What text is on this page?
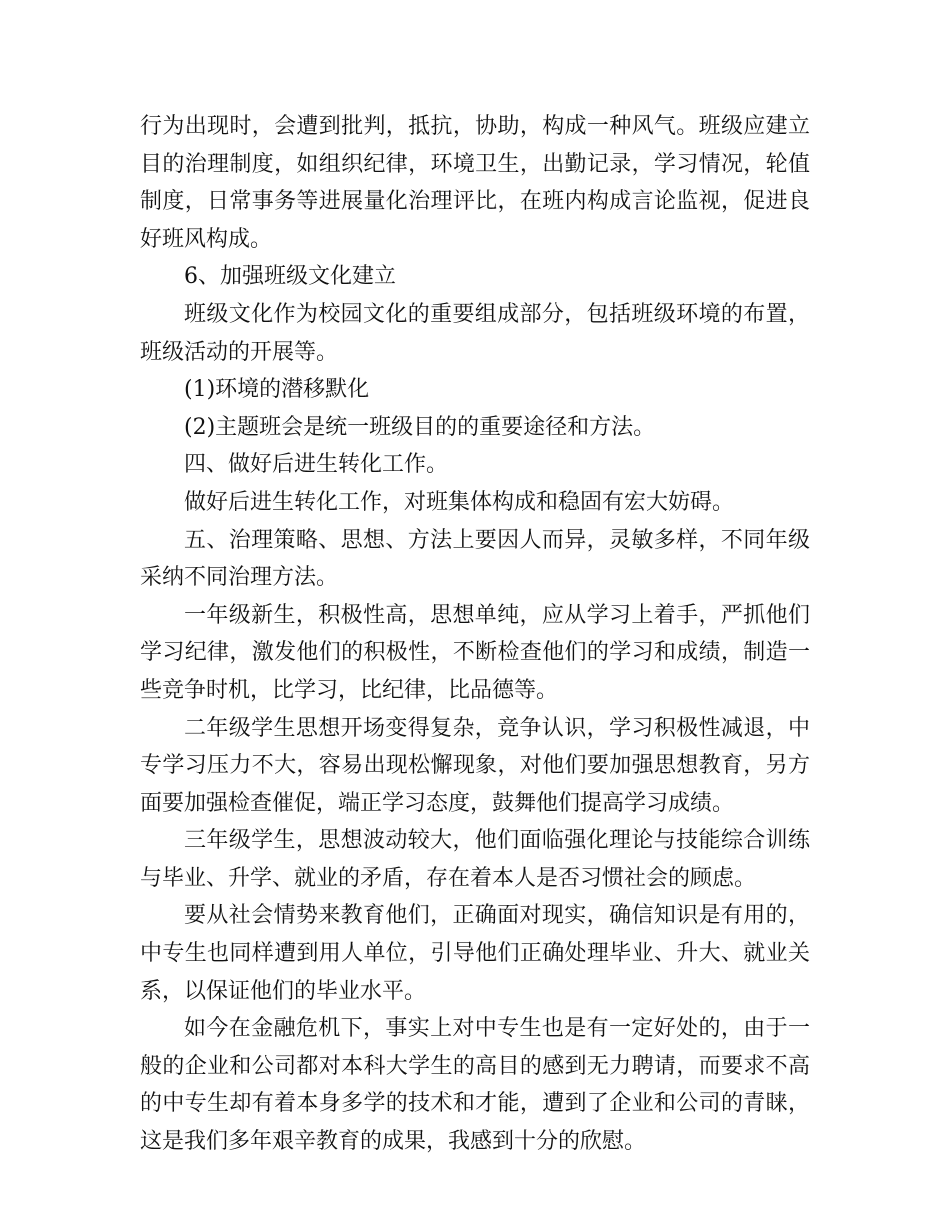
行为出现时，会遭到批判，抵抗，协助，构成一种风气。班级应建立目的治理制度，如组织纪律，环境卫生，出勤记录，学习情况，轮值制度，日常事务等进展量化治理评比，在班内构成言论监视，促进良好班风构成。

6、加强班级文化建立

班级文化作为校园文化的重要组成部分，包括班级环境的布置，班级活动的开展等。

(1)环境的潜移默化

(2)主题班会是统一班级目的的重要途径和方法。

四、做好后进生转化工作。

做好后进生转化工作，对班集体构成和稳固有宏大妨碍。

五、治理策略、思想、方法上要因人而异，灵敏多样，不同年级采纳不同治理方法。

一年级新生，积极性高，思想单纯，应从学习上着手，严抓他们学习纪律，激发他们的积极性，不断检查他们的学习和成绩，制造一些竞争时机，比学习，比纪律，比品德等。

二年级学生思想开场变得复杂，竞争认识，学习积极性减退，中专学习压力不大，容易出现松懈现象，对他们要加强思想教育，另方面要加强检查催促，端正学习态度，鼓舞他们提高学习成绩。

三年级学生，思想波动较大，他们面临强化理论与技能综合训练与毕业、升学、就业的矛盾，存在着本人是否习惯社会的顾虑。

要从社会情势来教育他们，正确面对现实，确信知识是有用的，中专生也同样遭到用人单位，引导他们正确处理毕业、升大、就业关系，以保证他们的毕业水平。

如今在金融危机下，事实上对中专生也是有一定好处的，由于一般的企业和公司都对本科大学生的高目的感到无力聘请，而要求不高的中专生却有着本身多学的技术和才能，遭到了企业和公司的青睐，这是我们多年艰辛教育的成果，我感到十分的欣慰。
